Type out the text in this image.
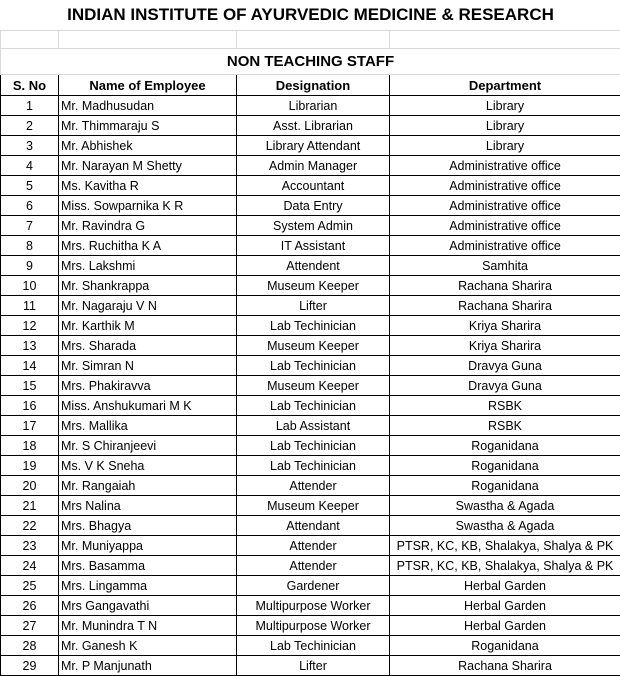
INDIAN INSTITUTE OF AYURVEDIC MEDICINE & RESEARCH			

NON TEACHING STAFF			
S. No	Name of Employee	Designation	Department
1	Mr. Madhusudan	Librarian	Library
2	Mr. Thimmaraju S	Asst. Librarian	Library
3	Mr. Abhishek	Library Attendant	Library
4	Mr. Narayan M Shetty	Admin Manager	Administrative office
5	Ms. Kavitha R	Accountant	Administrative office
6	Miss. Sowparnika K R	Data Entry	Administrative office
7	Mr. Ravindra G	System Admin	Administrative office
8	Mrs. Ruchitha K A	IT Assistant	Administrative office
9	Mrs. Lakshmi	Attendent	Samhita
10	Mr. Shankrappa	Museum Keeper	Rachana Sharira
11	Mr. Nagaraju V N	Lifter	Rachana Sharira
12	Mr. Karthik M	Lab Techinician	Kriya Sharira
13	Mrs. Sharada	Museum Keeper	Kriya Sharira
14	Mr. Simran N	Lab Techinician	Dravya Guna
15	Mrs. Phakiravva	Museum Keeper	Dravya Guna
16	Miss. Anshukumari M K	Lab Techinician	RSBK
17	Mrs. Mallika	Lab Assistant	RSBK
18	Mr. S Chiranjeevi	Lab Techinician	Roganidana
19	Ms. V K Sneha	Lab Techinician	Roganidana
20	Mr. Rangaiah	Attender	Roganidana
21	Mrs Nalina	Museum Keeper	Swastha & Agada
22	Mrs. Bhagya	Attendant	Swastha & Agada
23	Mr. Muniyappa	Attender	PTSR, KC, KB, Shalakya, Shalya & PK
24	Mrs. Basamma	Attender	PTSR, KC, KB, Shalakya, Shalya & PK
25	Mrs. Lingamma	Gardener	Herbal Garden
26	Mrs Gangavathi	Multipurpose Worker	Herbal Garden
27	Mr. Munindra T N	Multipurpose Worker	Herbal Garden
28	Mr. Ganesh K	Lab Techinician	Roganidana
29	Mr. P Manjunath	Lifter	Rachana Sharira
